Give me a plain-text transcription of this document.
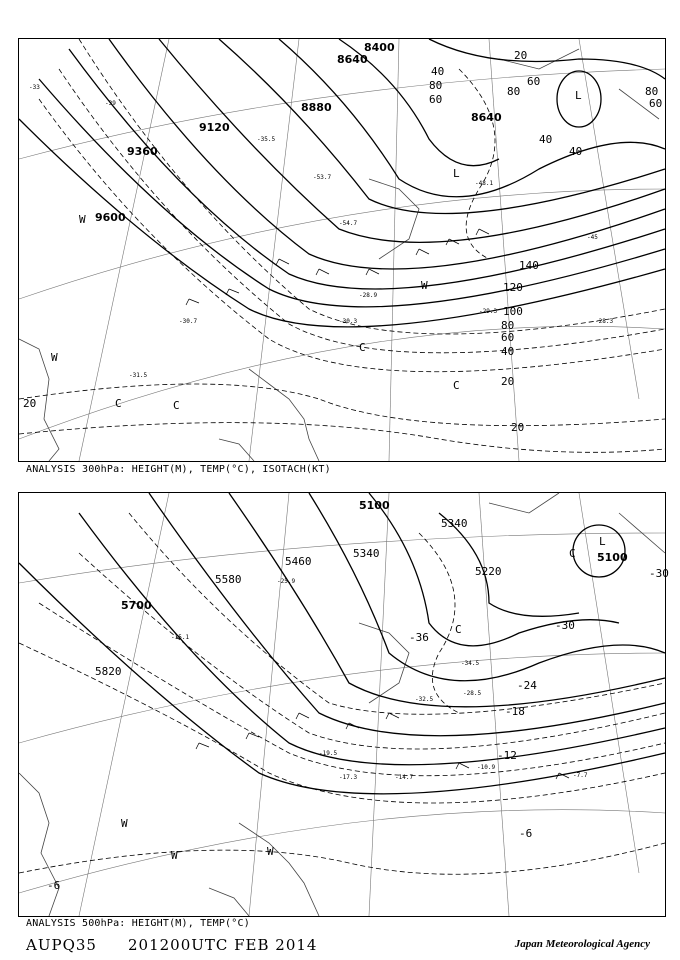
8400
8640
8880
8640
9120
9360
9600
20
40
60
80
100
120
140
40
60
80
20
20
20
40
60
80	80
60
40
-30.7	-30.3
-29.3
-31.5
-28.3
-28.9
-45
-53.7
-54.7
-48.1
-39
-33
-35.5
L
L
W
W
W
C	C
C
C
ANALYSIS 300hPa: HEIGHT(M), TEMP(°C), ISOTACH(KT)
5100
5100
5220
5340
5340
5460
5580
5700
5820
-30
-36
-30
-24
-18
-12
-6
-6
-34.5
-32.5
-28.5
-19.5
-14.7
-10.9
-7.7
-25.9
-15.1
-17.3
L
C
C
W	W
W
ANALYSIS 500hPa: HEIGHT(M), TEMP(°C)
AUPQ35 201200UTC FEB 2014	Japan Meteorological Agency
